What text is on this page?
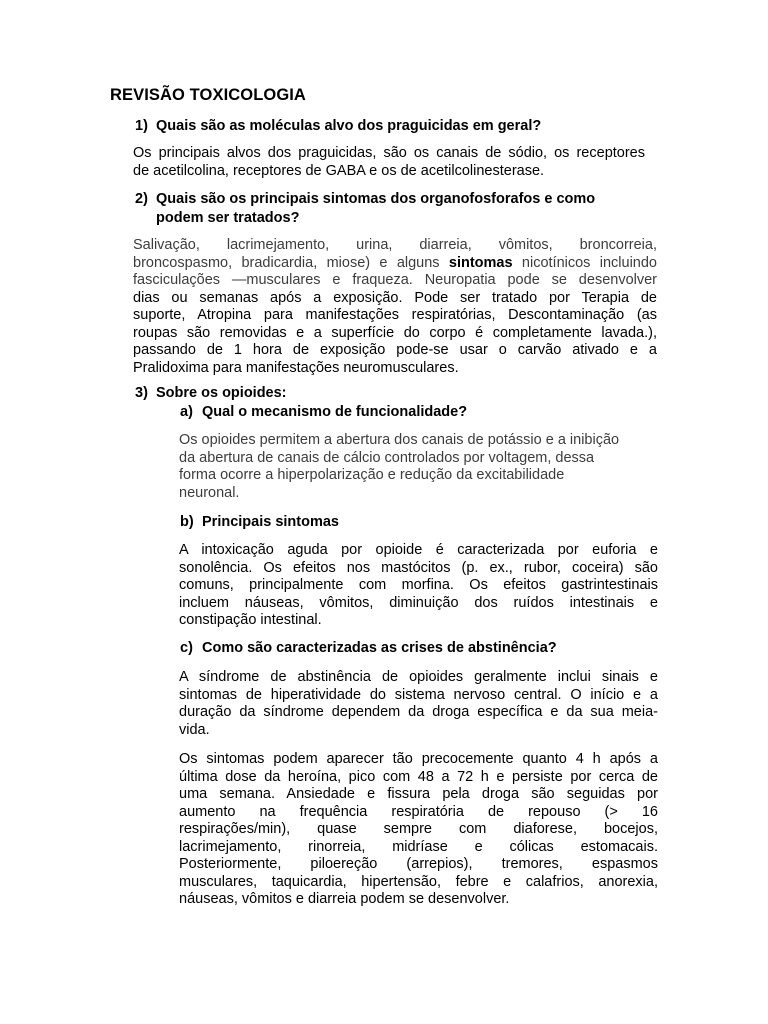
REVISÃO TOXICOLOGIA
1) Quais são as moléculas alvo dos praguicidas em geral?
Os principais alvos dos praguicidas, são os canais de sódio, os receptores
de acetilcolina, receptores de GABA e os de acetilcolinesterase.
2) Quais são os principais sintomas dos organofosforafos e como
podem ser tratados?
Salivação, lacrimejamento, urina, diarreia, vômitos, broncorreia,
broncospasmo, bradicardia, miose) e alguns sintomas nicotínicos incluindo
fasciculações —musculares e fraqueza. Neuropatia pode se desenvolver
dias ou semanas após a exposição. Pode ser tratado por Terapia de
suporte, Atropina para manifestações respiratórias, Descontaminação (as
roupas são removidas e a superfície do corpo é completamente lavada.),
passando de 1 hora de exposição pode-se usar o carvão ativado e a
Pralidoxima para manifestações neuromusculares.
3) Sobre os opioides:
a) Qual o mecanismo de funcionalidade?
Os opioides permitem a abertura dos canais de potássio e a inibição
da abertura de canais de cálcio controlados por voltagem, dessa
forma ocorre a hiperpolarização e redução da excitabilidade
neuronal.
b) Principais sintomas
A intoxicação aguda por opioide é caracterizada por euforia e
sonolência. Os efeitos nos mastócitos (p. ex., rubor, coceira) são
comuns, principalmente com morfina. Os efeitos gastrintestinais
incluem náuseas, vômitos, diminuição dos ruídos intestinais e
constipação intestinal.
c) Como são caracterizadas as crises de abstinência?
A síndrome de abstinência de opioides geralmente inclui sinais e
sintomas de hiperatividade do sistema nervoso central. O início e a
duração da síndrome dependem da droga específica e da sua meia-
vida.
Os sintomas podem aparecer tão precocemente quanto 4 h após a
última dose da heroína, pico com 48 a 72 h e persiste por cerca de
uma semana. Ansiedade e fissura pela droga são seguidas por
aumento na frequência respiratória de repouso (> 16
respirações/min), quase sempre com diaforese, bocejos,
lacrimejamento, rinorreia, midríase e cólicas estomacais.
Posteriormente, piloereção (arrepios), tremores, espasmos
musculares, taquicardia, hipertensão, febre e calafrios, anorexia,
náuseas, vômitos e diarreia podem se desenvolver.
